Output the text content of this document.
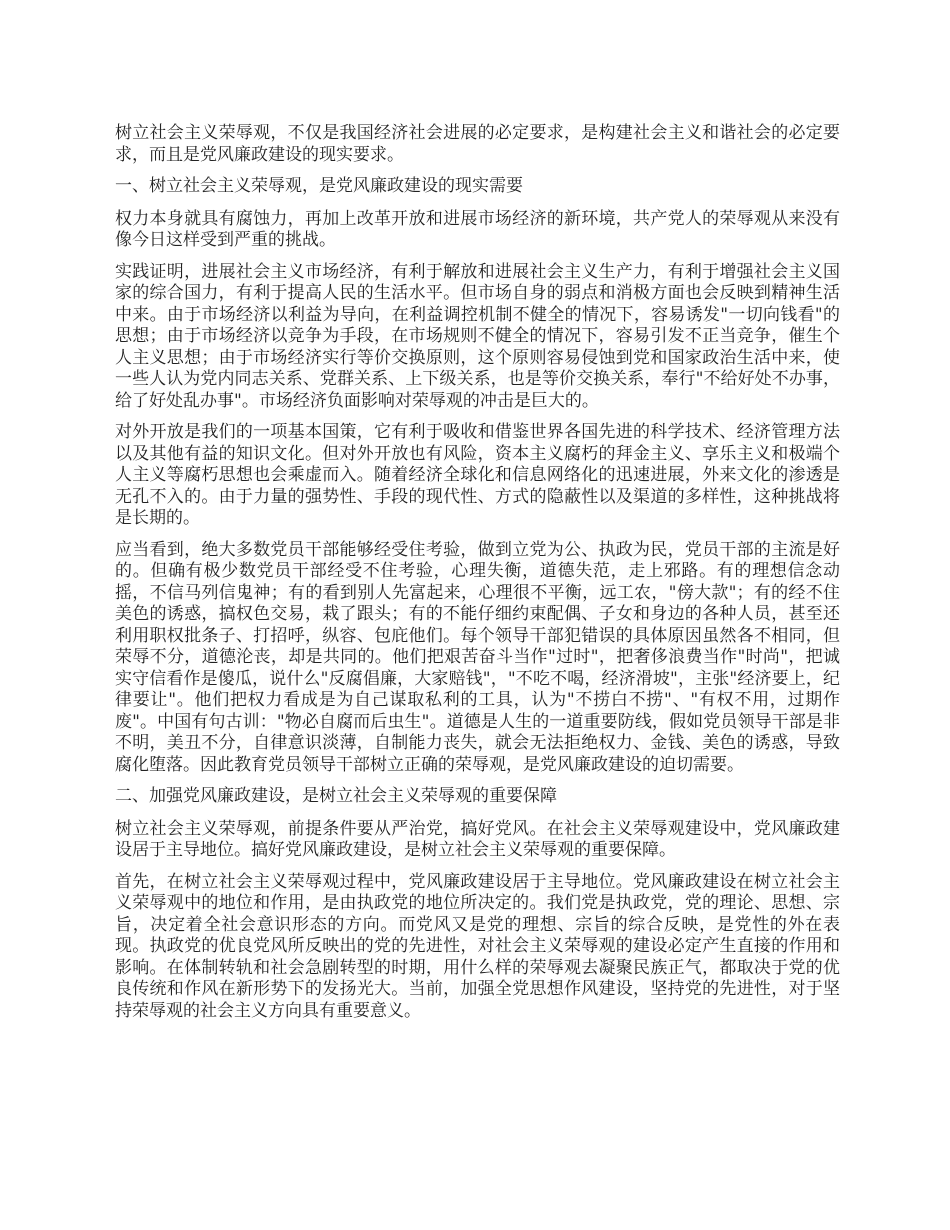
树立社会主义荣辱观，不仅是我国经济社会进展的必定要求，是构建社会主义和谐社会的必定要求，而且是党风廉政建设的现实要求。

一、树立社会主义荣辱观，是党风廉政建设的现实需要

权力本身就具有腐蚀力，再加上改革开放和进展市场经济的新环境，共产党人的荣辱观从来没有像今日这样受到严重的挑战。

实践证明，进展社会主义市场经济，有利于解放和进展社会主义生产力，有利于增强社会主义国家的综合国力，有利于提高人民的生活水平。但市场自身的弱点和消极方面也会反映到精神生活中来。由于市场经济以利益为导向，在利益调控机制不健全的情况下，容易诱发"一切向钱看"的思想；由于市场经济以竞争为手段，在市场规则不健全的情况下，容易引发不正当竞争，催生个人主义思想；由于市场经济实行等价交换原则，这个原则容易侵蚀到党和国家政治生活中来，使一些人认为党内同志关系、党群关系、上下级关系，也是等价交换关系，奉行"不给好处不办事，给了好处乱办事"。市场经济负面影响对荣辱观的冲击是巨大的。

对外开放是我们的一项基本国策，它有利于吸收和借鉴世界各国先进的科学技术、经济管理方法以及其他有益的知识文化。但对外开放也有风险，资本主义腐朽的拜金主义、享乐主义和极端个人主义等腐朽思想也会乘虚而入。随着经济全球化和信息网络化的迅速进展，外来文化的渗透是无孔不入的。由于力量的强势性、手段的现代性、方式的隐蔽性以及渠道的多样性，这种挑战将是长期的。

应当看到，绝大多数党员干部能够经受住考验，做到立党为公、执政为民，党员干部的主流是好的。但确有极少数党员干部经受不住考验，心理失衡，道德失范，走上邪路。有的理想信念动摇，不信马列信鬼神；有的看到别人先富起来，心理很不平衡，远工农，"傍大款"；有的经不住美色的诱惑，搞权色交易，栽了跟头；有的不能仔细约束配偶、子女和身边的各种人员，甚至还利用职权批条子、打招呼，纵容、包庇他们。每个领导干部犯错误的具体原因虽然各不相同，但荣辱不分，道德沦丧，却是共同的。他们把艰苦奋斗当作"过时"，把奢侈浪费当作"时尚"，把诚实守信看作是傻瓜，说什么"反腐倡廉，大家赔钱"，"不吃不喝，经济滑坡"，主张"经济要上，纪律要让"。他们把权力看成是为自己谋取私利的工具，认为"不捞白不捞"、"有权不用，过期作废"。中国有句古训："物必自腐而后虫生"。道德是人生的一道重要防线，假如党员领导干部是非不明，美丑不分，自律意识淡薄，自制能力丧失，就会无法拒绝权力、金钱、美色的诱惑，导致腐化堕落。因此教育党员领导干部树立正确的荣辱观，是党风廉政建设的迫切需要。

二、加强党风廉政建设，是树立社会主义荣辱观的重要保障

树立社会主义荣辱观，前提条件要从严治党，搞好党风。在社会主义荣辱观建设中，党风廉政建设居于主导地位。搞好党风廉政建设，是树立社会主义荣辱观的重要保障。

首先，在树立社会主义荣辱观过程中，党风廉政建设居于主导地位。党风廉政建设在树立社会主义荣辱观中的地位和作用，是由执政党的地位所决定的。我们党是执政党，党的理论、思想、宗旨，决定着全社会意识形态的方向。而党风又是党的理想、宗旨的综合反映，是党性的外在表现。执政党的优良党风所反映出的党的先进性，对社会主义荣辱观的建设必定产生直接的作用和影响。在体制转轨和社会急剧转型的时期，用什么样的荣辱观去凝聚民族正气，都取决于党的优良传统和作风在新形势下的发扬光大。当前，加强全党思想作风建设，坚持党的先进性，对于坚持荣辱观的社会主义方向具有重要意义。
